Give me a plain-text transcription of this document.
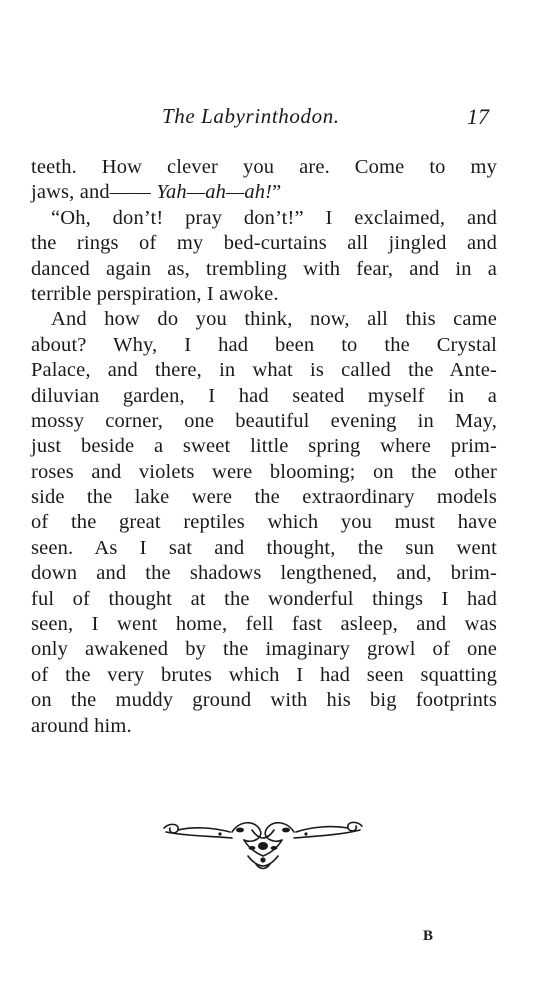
The Labyrinthodon.	17
teeth. How clever you are. Come to my
jaws, and—— Yah—ah—ah!”
“Oh, don’t! pray don’t!” I exclaimed, and
the rings of my bed-curtains all jingled and
danced again as, trembling with fear, and in a
terrible perspiration, I awoke.
And how do you think, now, all this came
about? Why, I had been to the Crystal
Palace, and there, in what is called the Ante-
diluvian garden, I had seated myself in a
mossy corner, one beautiful evening in May,
just beside a sweet little spring where prim-
roses and violets were blooming; on the other
side the lake were the extraordinary models
of the great reptiles which you must have
seen. As I sat and thought, the sun went
down and the shadows lengthened, and, brim-
ful of thought at the wonderful things I had
seen, I went home, fell fast asleep, and was
only awakened by the imaginary growl of one
of the very brutes which I had seen squatting
on the muddy ground with his big footprints
around him.
B
